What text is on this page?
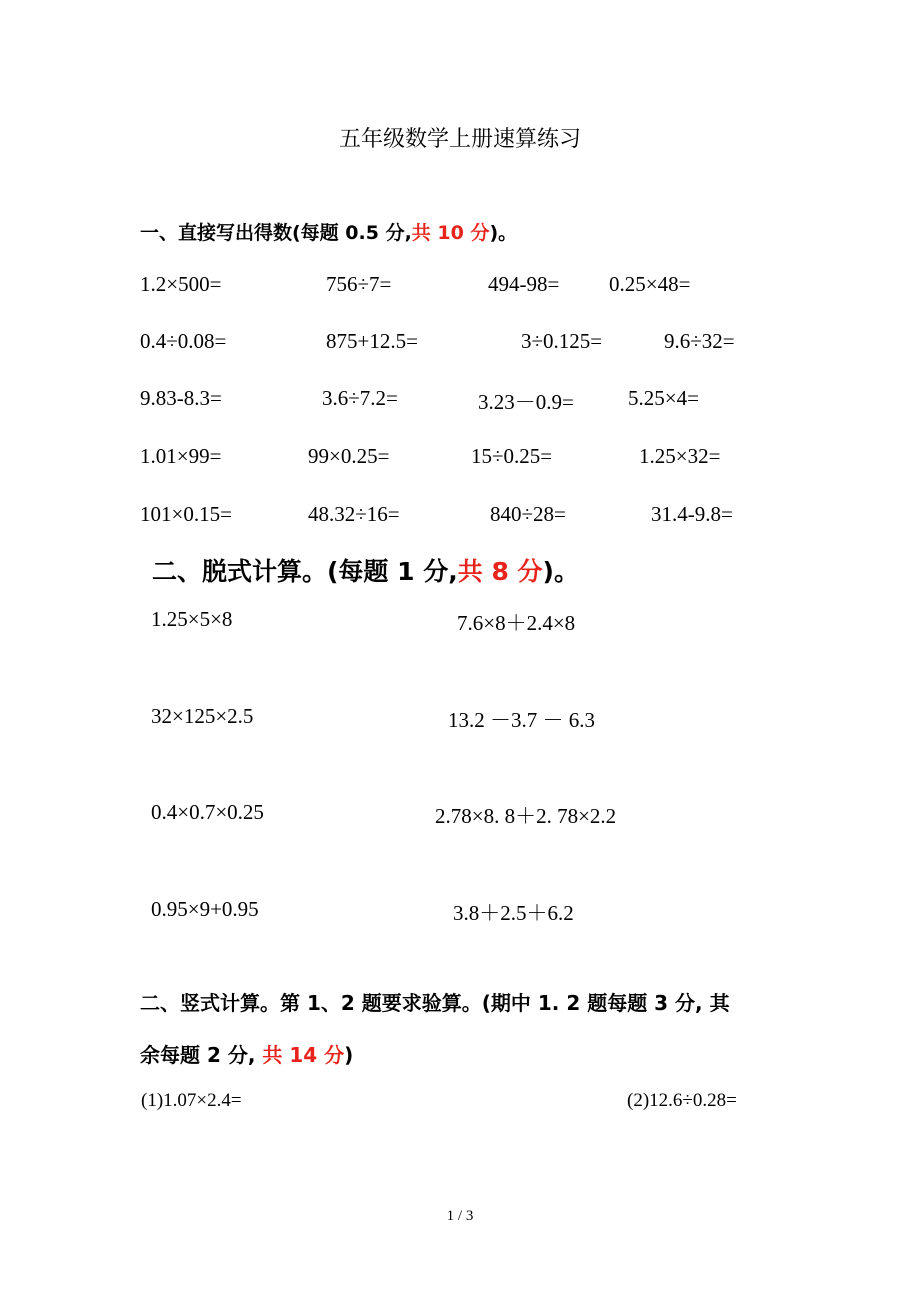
五年级数学上册速算练习
一、直接写出得数(每题 0.5 分,共 10 分)。
1.2×500=	756÷7=	494-98= 0.25×48=
0.4÷0.08=	875+12.5=	3÷0.125=	9.6÷32=
9.83-8.3=	3.6÷7.2=	3.23－0.9=	5.25×4=
1.01×99=	99×0.25=	15÷0.25=	1.25×32=
101×0.15=	48.32÷16=	840÷28=	31.4-9.8=
二、脱式计算。(每题 1 分,共 8 分)。
1.25×5×8	7.6×8＋2.4×8
32×125×2.5	13.2 －3.7 － 6.3
0.4×0.7×0.25	2.78×8. 8＋2. 78×2.2
0.95×9+0.95	3.8＋2.5＋6.2
二、竖式计算。第 1、2 题要求验算。(期中 1. 2 题每题 3 分, 其
余每题 2 分, 共 14 分)
(1)1.07×2.4=	(2)12.6÷0.28=
1 / 3
